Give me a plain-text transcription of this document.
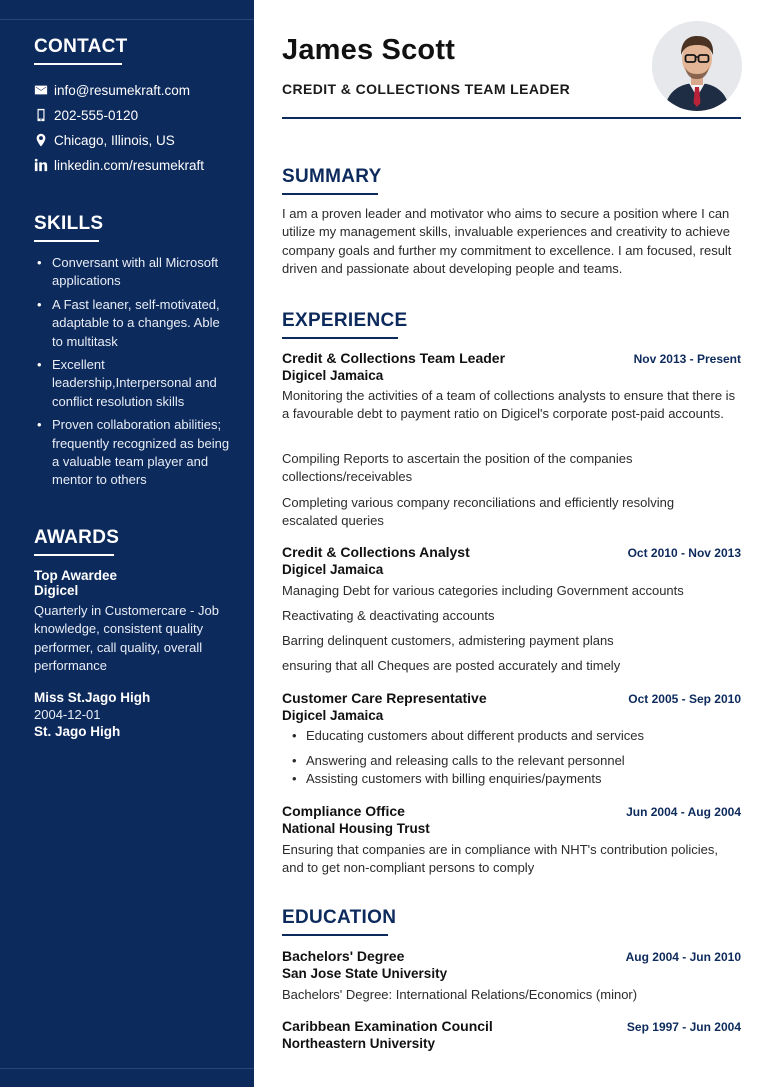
CONTACT
info@resumekraft.com
202-555-0120
Chicago, Illinois, US
linkedin.com/resumekraft
SKILLS
• Conversant with all Microsoft applications
• A Fast leaner, self-motivated, adaptable to a changes. Able to multitask
• Excellent leadership,Interpersonal and conflict resolution skills
• Proven collaboration abilities; frequently recognized as being a valuable team player and mentor to others
AWARDS
Top Awardee
Digicel
Quarterly in Customercare - Job knowledge, consistent quality performer, call quality, overall performance
Miss St.Jago High
2004-12-01
St. Jago High
James Scott
CREDIT & COLLECTIONS TEAM LEADER
SUMMARY
I am a proven leader and motivator who aims to secure a position where I can utilize my management skills, invaluable experiences and creativity to achieve company goals and further my commitment to excellence. I am focused, result driven and passionate about developing people and teams.
EXPERIENCE
Credit & Collections Team Leader	Nov 2013 - Present
Digicel Jamaica
Monitoring the activities of a team of collections analysts to ensure that there is a favourable debt to payment ratio on Digicel's corporate post-paid accounts.
Compiling Reports to ascertain the position of the companies collections/receivables
Completing various company reconciliations and efficiently resolving escalated queries
Credit & Collections Analyst	Oct 2010 - Nov 2013
Digicel Jamaica
Managing Debt for various categories including Government accounts
Reactivating & deactivating accounts
Barring delinquent customers, admistering payment plans
ensuring that all Cheques are posted accurately and timely
Customer Care Representative	Oct 2005 - Sep 2010
Digicel Jamaica
• Educating customers about different products and services
• Answering and releasing calls to the relevant personnel
• Assisting customers with billing enquiries/payments
Compliance Office	Jun 2004 - Aug 2004
National Housing Trust
Ensuring that companies are in compliance with NHT's contribution policies, and to get non-compliant persons to comply
EDUCATION
Bachelors' Degree	Aug 2004 - Jun 2010
San Jose State University
Bachelors' Degree: International Relations/Economics (minor)
Caribbean Examination Council	Sep 1997 - Jun 2004
Northeastern University
